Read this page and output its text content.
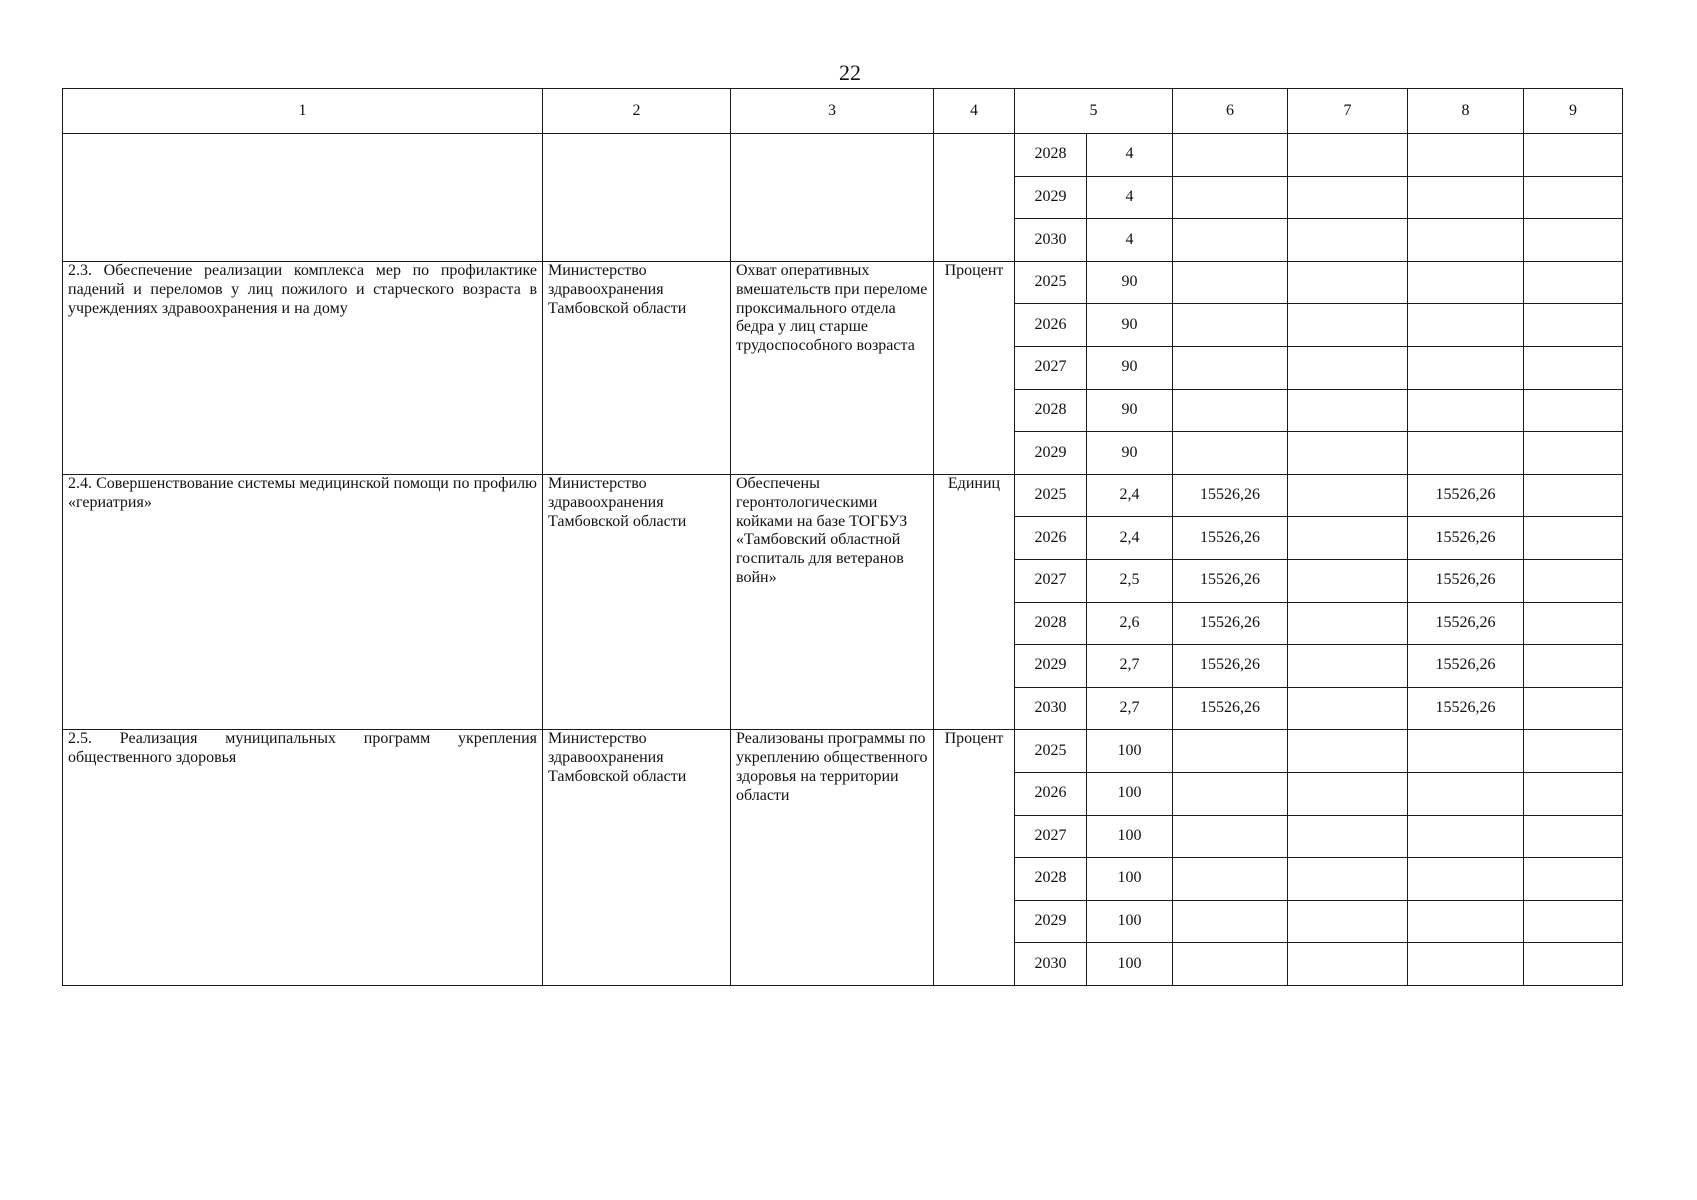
22
1	2	3	4	5		6	7	8	9
				2028	4				
				2029	4				
				2030	4				
2.3. Обеспечение реализации комплекса мер по профилактике падений и переломов у лиц пожилого и старческого возраста в учреждениях здравоохранения и на дому	Министерство здравоохранения Тамбовской области	Охват оперативных вмешательств при переломе проксимального отдела бедра у лиц старше трудоспособного возраста	Процент	2025	90				
				2026	90				
				2027	90				
				2028	90				
				2029	90				
2.4. Совершенствование системы медицинской помощи по профилю «гериатрия»	Министерство здравоохранения Тамбовской области	Обеспечены геронтологическими койками на базе ТОГБУЗ «Тамбовский областной госпиталь для ветеранов войн»	Единиц	2025	2,4	15526,26		15526,26	
				2026	2,4	15526,26		15526,26	
				2027	2,5	15526,26		15526,26	
				2028	2,6	15526,26		15526,26	
				2029	2,7	15526,26		15526,26	
				2030	2,7	15526,26		15526,26	
2.5. Реализация муниципальных программ укрепления общественного здоровья	Министерство здравоохранения Тамбовской области	Реализованы программы по укреплению общественного здоровья на территории области	Процент	2025	100				
				2026	100				
				2027	100				
				2028	100				
				2029	100				
				2030	100				
